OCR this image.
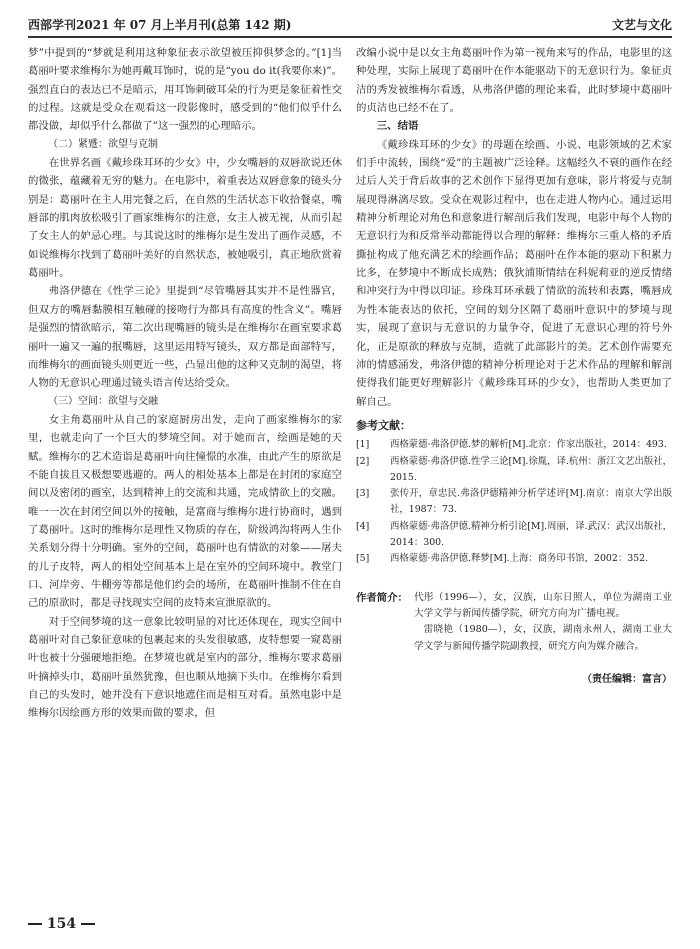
西部学刊2021 年 07 月上半月刊(总第 142 期)	文艺与文化

梦”中提到的“梦就是利用这种象征表示欲望被压抑俱梦念的。”[1]当葛丽叶要求维梅尔为她再戴耳饰时，说的是“you do it(我要你来)”。强烈直白的表达已不是暗示，用耳饰刺破耳朵的行为更是象征着性交的过程。这就是受众在观看这一段影像时，感受到的“他们似乎什么都没做，却似乎什么都做了”这一强烈的心理暗示。

（二）紧蹙：欲望与克制

在世界名画《戴珍珠耳环的少女》中，少女嘴唇的双唇欲说还休的微张，蕴藏着无穷的魅力。在电影中，着重表达双唇意象的镜头分别是：葛丽叶在主人用完餐之后，在自然的生活状态下收拾餐桌，嘴唇部的肌肉放松吸引了画家维梅尔的注意，女主人被无视，从而引起了女主人的妒忌心理。与其说这时的维梅尔是生发出了画作灵感，不如说维梅尔找到了葛丽叶美好的自然状态，被她吸引，真正地欣赏着葛丽叶。

弗洛伊德在《性学三论》里提到“尽管嘴唇其实并不是性器官，但双方的嘴唇黏膜相互触碰的接吻行为都具有高度的性含义”。嘴唇是强烈的情欲暗示，第二次出现嘴唇的镜头是在维梅尔在画室要求葛丽叶一遍又一遍的抿嘴唇，这里运用特写镜头，双方都是面部特写，而维梅尔的画面镜头则更近一些，凸显出他的这种又克制的渴望，将人物的无意识心理通过镜头语言传达给受众。

（三）空间：欲望与交融

女主角葛丽叶从自己的家庭厨房出发，走向了画家维梅尔的家里，也就走向了一个巨大的梦境空间。对于她而言，绘画是她的天赋。维梅尔的艺术造诣是葛丽叶向往憧憬的水准，由此产生的原欲是不能自拔且又极想要逃避的。两人的相处基本上都是在封闭的家庭空间以及密闭的画室，达到精神上的交流和共通，完成情欲上的交融。唯一一次在封闭空间以外的接触，是富商与维梅尔进行协商时，遇到了葛丽叶。这时的维梅尔是理性又物质的存在，阶级鸿沟将两人生仆关系划分得十分明确。室外的空间，葛丽叶也有情欲的对象——屠夫的儿子皮特，两人的相处空间基本上是在室外的空间环境中。教堂门口、河岸旁、牛棚旁等都是他们约会的场所，在葛丽叶推制不住在自己的原欲时，都是寻找现实空间的皮特来宣泄原欲的。

对于空间梦境的这一意象比较明显的对比还体现在，现实空间中葛丽叶对自己象征意味的包裹起来的头发很敏感，皮特想要一窥葛丽叶也被十分强硬地拒绝。在梦境也就是室内的部分，维梅尔要求葛丽叶摘掉头巾，葛丽叶虽然犹豫，但也顺从地摘下头巾。在维梅尔看到自己的头发时，她并没有下意识地遮住而是相互对看。虽然电影中是维梅尔因绘画方形的效果而做的要求，但

改编小说中是以女主角葛丽叶作为第一视角来写的作品，电影里的这种处理，实际上展现了葛丽叶在作本能驱动下的无意识行为。象征贞洁的秀发被维梅尔看透，从弗洛伊德的理论来看，此时梦境中葛丽叶的贞洁也已经不在了。

三、结语

《戴珍珠耳环的少女》的母题在绘画、小说、电影领域的艺术家们手中流转，围绕“爱”的主题被广泛诠释。这幅经久不衰的画作在经过后人关于背后故事的艺术创作下显得更加有意味，影片将爱与克制展现得淋漓尽致。受众在观影过程中，也在走进人物内心。通过运用精神分析理论对角色和意象进行解剖后我们发现，电影中每个人物的无意识行为和反常举动都能得以合理的解释：维梅尔三重人格的矛盾撕扯构成了他充满艺术的绘画作品；葛丽叶在作本能的驱动下积累力比多，在梦境中不断成长成熟；俄狄浦斯情结在科妮莉亚的逆反情绪和冲突行为中得以印证。珍珠耳环承载了情欲的流转和表露，嘴唇成为性本能表达的依托，空间的划分区隔了葛丽叶意识中的梦境与现实，展现了意识与无意识的力量争夺，促进了无意识心理的符号外化，正是原欲的释放与克制，造就了此部影片的美。艺术创作需要充沛的情感涌发，弗洛伊德的精神分析理论对于艺术作品的理解和解剖使得我们能更好理解影片《戴珍珠耳环的少女》，也帮助人类更加了解自己。

参考文献：
[1] 西格蒙德·弗洛伊德.梦的解析[M].北京：作家出版社，2014：493.
[2] 西格蒙德·弗洛伊德.性学三论[M].徐胤，译.杭州：浙江文艺出版社，2015.
[3] 张传开，章忠民.弗洛伊德精神分析学述评[M].南京：南京大学出版社，1987：73.
[4] 西格蒙德·弗洛伊德.精神分析引论[M].周丽，译.武汉：武汉出版社，2014：300.
[5] 西格蒙德·弗洛伊德.释梦[M].上海：商务印书馆，2002：352.
作者简介： 代彤（1996—），女，汉族，山东日照人，单位为湖南工业大学文学与新闻传播学院，研究方向为广播电视。

雷晓艳（1980—），女，汉族，湖南永州人，湖南工业大学文学与新闻传播学院副教授，研究方向为媒介融合。

（责任编辑：富言）
154
